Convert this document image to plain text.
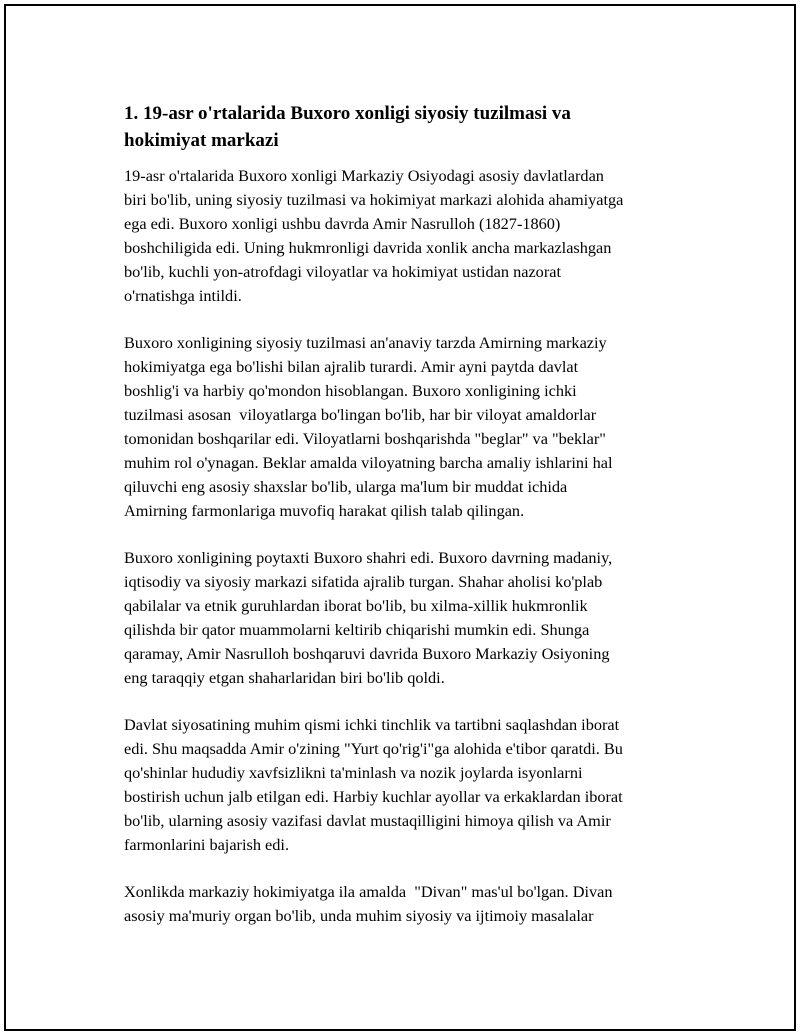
1. 19-asr o'rtalarida Buxoro xonligi siyosiy tuzilmasi va
hokimiyat markazi

19-asr o'rtalarida Buxoro xonligi Markaziy Osiyodagi asosiy davlatlardan
biri bo'lib, uning siyosiy tuzilmasi va hokimiyat markazi alohida ahamiyatga
ega edi. Buxoro xonligi ushbu davrda Amir Nasrulloh (1827-1860)
boshchiligida edi. Uning hukmronligi davrida xonlik ancha markazlashgan
bo'lib, kuchli yon-atrofdagi viloyatlar va hokimiyat ustidan nazorat
o'rnatishga intildi.

Buxoro xonligining siyosiy tuzilmasi an'anaviy tarzda Amirning markaziy
hokimiyatga ega bo'lishi bilan ajralib turardi. Amir ayni paytda davlat
boshlig'i va harbiy qo'mondon hisoblangan. Buxoro xonligining ichki
tuzilmasi asosan  viloyatlarga bo'lingan bo'lib, har bir viloyat amaldorlar
tomonidan boshqarilar edi. Viloyatlarni boshqarishda "beglar" va "beklar"
muhim rol o'ynagan. Beklar amalda viloyatning barcha amaliy ishlarini hal
qiluvchi eng asosiy shaxslar bo'lib, ularga ma'lum bir muddat ichida
Amirning farmonlariga muvofiq harakat qilish talab qilingan.

Buxoro xonligining poytaxti Buxoro shahri edi. Buxoro davrning madaniy,
iqtisodiy va siyosiy markazi sifatida ajralib turgan. Shahar aholisi ko'plab
qabilalar va etnik guruhlardan iborat bo'lib, bu xilma-xillik hukmronlik
qilishda bir qator muammolarni keltirib chiqarishi mumkin edi. Shunga
qaramay, Amir Nasrulloh boshqaruvi davrida Buxoro Markaziy Osiyoning
eng taraqqiy etgan shaharlaridan biri bo'lib qoldi.

Davlat siyosatining muhim qismi ichki tinchlik va tartibni saqlashdan iborat
edi. Shu maqsadda Amir o'zining "Yurt qo'rig'i"ga alohida e'tibor qaratdi. Bu
qo'shinlar hududiy xavfsizlikni ta'minlash va nozik joylarda isyonlarni
bostirish uchun jalb etilgan edi. Harbiy kuchlar ayollar va erkaklardan iborat
bo'lib, ularning asosiy vazifasi davlat mustaqilligini himoya qilish va Amir
farmonlarini bajarish edi.

Xonlikda markaziy hokimiyatga ila amalda  "Divan" mas'ul bo'lgan. Divan
asosiy ma'muriy organ bo'lib, unda muhim siyosiy va ijtimoiy masalalar
